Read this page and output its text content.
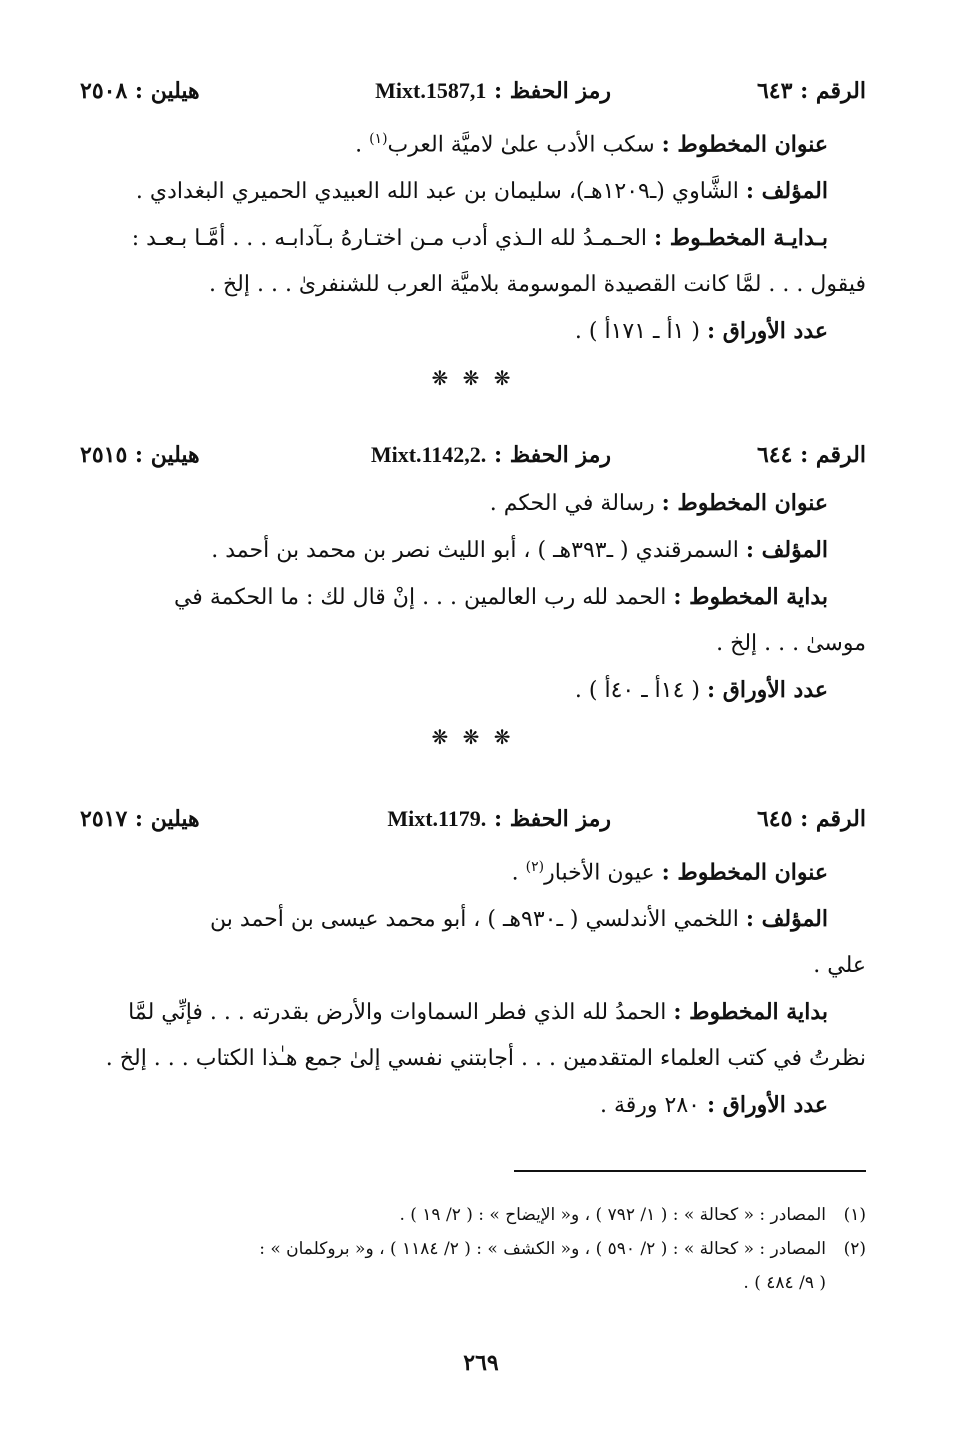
الرقم : ٦٤٣
رمز الحفظ : Mixt.1587,1
هيلين : ٢٥٠٨
عنوان المخطوط : سكب الأدب علىٰ لاميَّة العرب$^{(١)}$ .
المؤلف : الشَّاوي (ـ١٢٠٩هـ)، سليمان بن عبد الله العبيدي الحميري البغدادي .
بـدايـة المخطـوط : الحـمـدُ لله الـذي أدب مـن اختـارهُ بـآدابـه . . . أمَّـا بـعـد :
فيقول . . . لمَّا كانت القصيدة الموسومة بلاميَّة العرب للشنفرىٰ . . . إلخ .
عدد الأوراق : ( ١أ ـ ١٧١أ ) .
❋ ❋ ❋
الرقم : ٦٤٤
رمز الحفظ : Mixt.1142,2.
هيلين : ٢٥١٥
عنوان المخطوط : رسالة في الحكم .
المؤلف : السمرقندي ( ـ٣٩٣هـ ) ، أبو الليث نصر بن محمد بن أحمد .
بداية المخطوط : الحمد لله رب العالمين . . . إنْ قال لك : ما الحكمة في
موسىٰ . . . إلخ .
عدد الأوراق : ( ١٤أ ـ ٤٠أ ) .
❋ ❋ ❋
الرقم : ٦٤٥
رمز الحفظ : Mixt.1179.
هيلين : ٢٥١٧
عنوان المخطوط : عيون الأخبار$^{(٢)}$ .
المؤلف : اللخمي الأندلسي ( ـ٩٣٠هـ ) ، أبو محمد عيسى بن أحمد بن
علي .
بداية المخطوط : الحمدُ لله الذي فطر السماوات والأرض بقدرته . . . فإنِّي لمَّا
نظرتُ في كتب العلماء المتقدمين . . . أجابتني نفسي إلىٰ جمع هـٰذا الكتاب . . . إلخ .
عدد الأوراق : ٢٨٠ ورقة .
(١)
المصادر : « كحالة » : ( ١/ ٧٩٢ ) ، و« الإيضاح » : ( ٢/ ١٩ ) .
(٢)
المصادر : « كحالة » : ( ٢/ ٥٩٠ ) ، و« الكشف » : ( ٢/ ١١٨٤ ) ، و« بروكلمان » :
( ٩/ ٤٨٤ ) .
٢٦٩
